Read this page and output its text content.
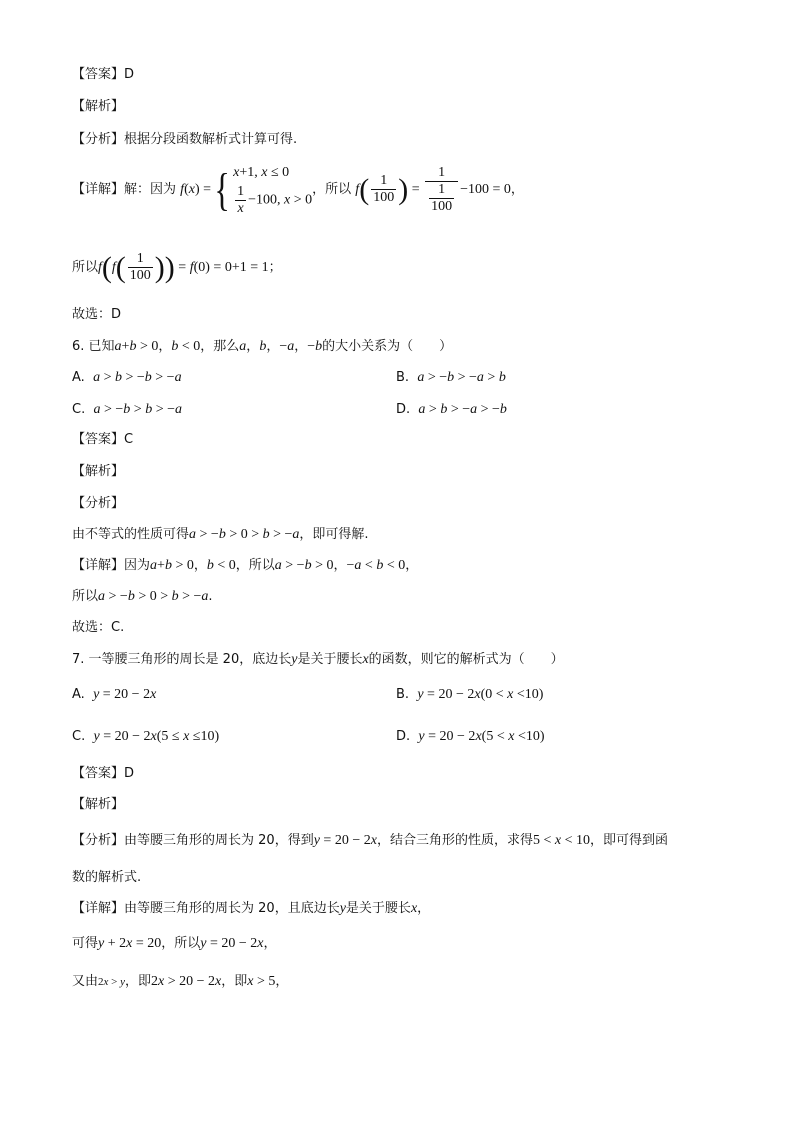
【答案】D
【解析】
【分析】根据分段函数解析式计算可得.
【详解】解：因为 f(x) ={ x+1, x ≤ 0
$\frac{1}{x} -100$, x > 0
，所以 $f( \frac{1}{100}$ ) = $\frac{1}{\frac{1}{100}} -100 = 0$，
所以$f(f( \frac{1}{100}$ )) = f(0) = 0+1 = 1；
故选：D
6. 已知a+b > 0，b < 0，那么a，b，−a，−b的大小关系为（　　）
A. a > b > −b > −a	B. a > −b > −a > b
C. a > −b > b > −a	D. a > b > −a > −b
【答案】C
【解析】
【分析】
由不等式的性质可得a > −b > 0 > b > −a，即可得解.
【详解】因为a+b > 0，b < 0，所以a > −b > 0，−a < b < 0，
所以a > −b > 0 > b > −a.
故选：C.
7. 一等腰三角形的周长是 20，底边长y是关于腰长x的函数，则它的解析式为（　　）
A. y = 20 − 2x	B. y = 20 − 2x(0 < x <10)
C. y = 20 − 2x(5 ≤ x ≤10)	D. y = 20 − 2x(5 < x <10)
【答案】D
【解析】
【分析】由等腰三角形的周长为 20，得到y = 20 − 2x，结合三角形的性质，求得5 < x < 10，即可得到函
数的解析式.
【详解】由等腰三角形的周长为 20，且底边长y是关于腰长x，
可得y + 2x = 20，所以y = 20 − 2x，
又由2x > y，即2x > 20 − 2x，即x > 5，
